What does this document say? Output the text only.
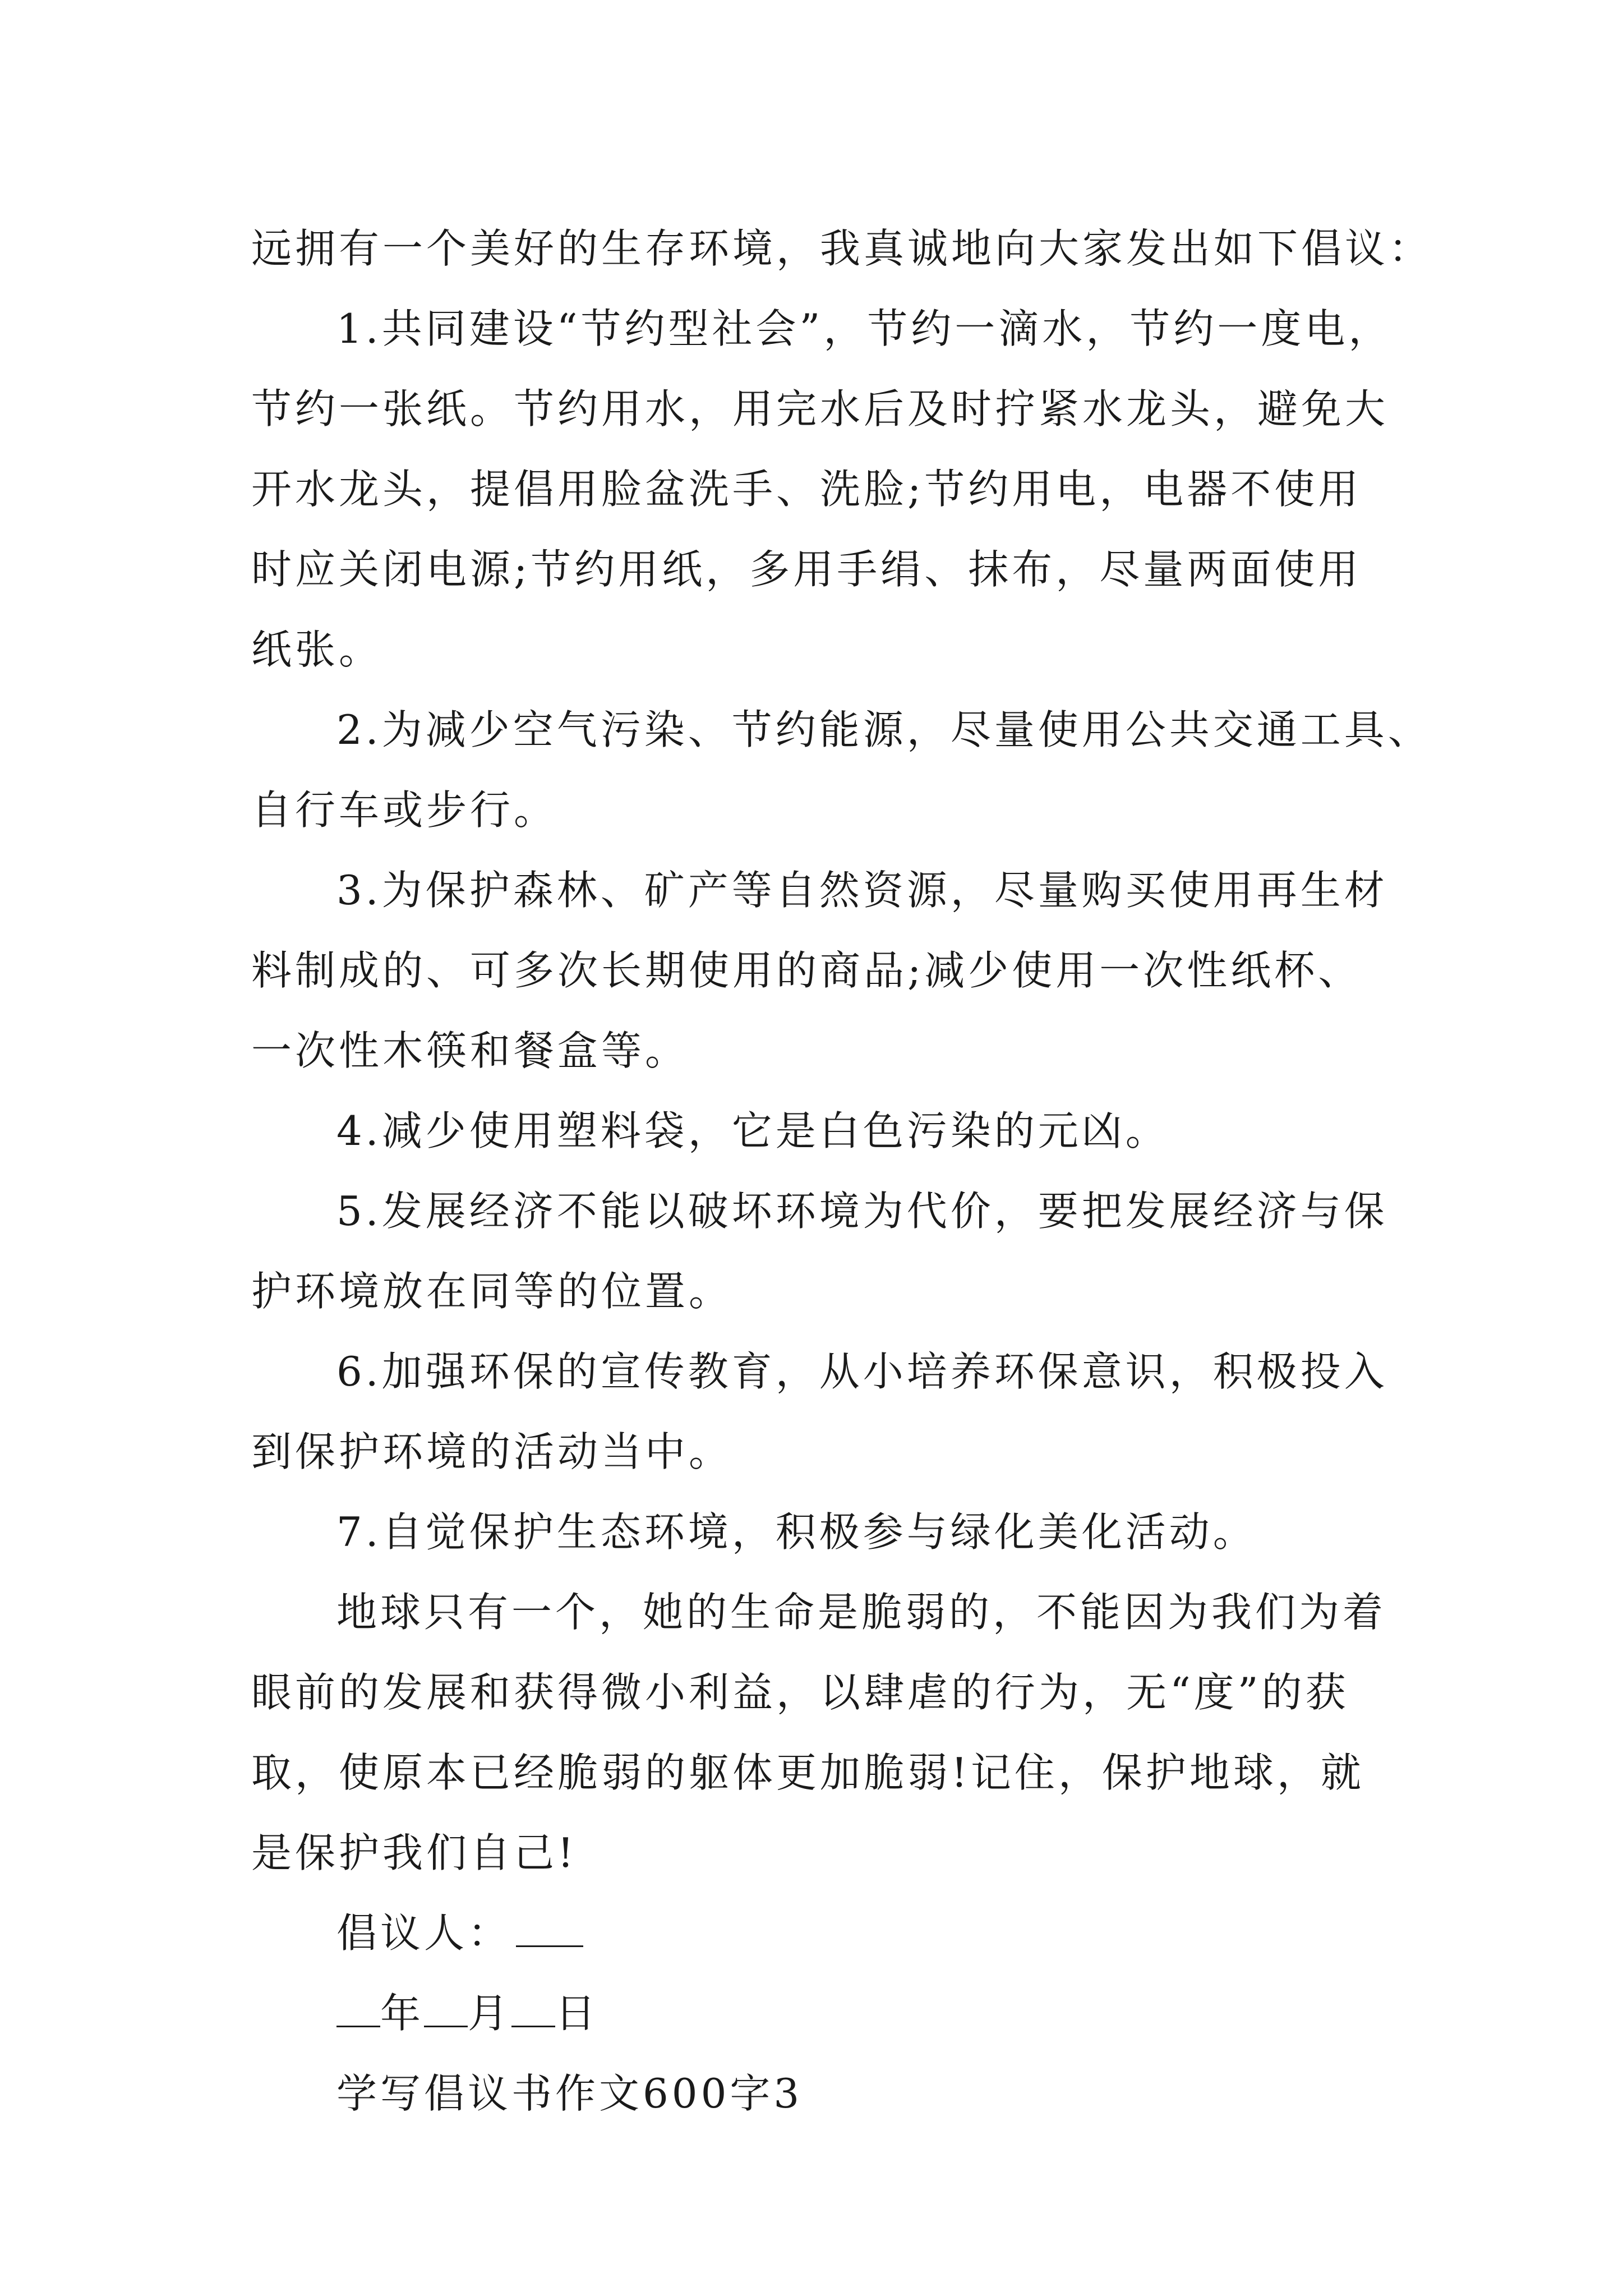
远拥有一个美好的生存环境，我真诚地向大家发出如下倡议：
1.共同建设“节约型社会”，节约一滴水，节约一度电，
节约一张纸。节约用水，用完水后及时拧紧水龙头，避免大
开水龙头，提倡用脸盆洗手、洗脸;节约用电，电器不使用
时应关闭电源;节约用纸，多用手绢、抹布，尽量两面使用
纸张。
2.为减少空气污染、节约能源，尽量使用公共交通工具、
自行车或步行。
3.为保护森林、矿产等自然资源，尽量购买使用再生材
料制成的、可多次长期使用的商品;减少使用一次性纸杯、
一次性木筷和餐盒等。
4.减少使用塑料袋，它是白色污染的元凶。
5.发展经济不能以破坏环境为代价，要把发展经济与保
护环境放在同等的位置。
6.加强环保的宣传教育，从小培养环保意识，积极投入
到保护环境的活动当中。
7.自觉保护生态环境，积极参与绿化美化活动。
地球只有一个，她的生命是脆弱的，不能因为我们为着
眼前的发展和获得微小利益，以肆虐的行为，无“度”的获
取，使原本已经脆弱的躯体更加脆弱!记住，保护地球，就
是保护我们自己!
倡议人：
年 月 日
学写倡议书作文600字3
